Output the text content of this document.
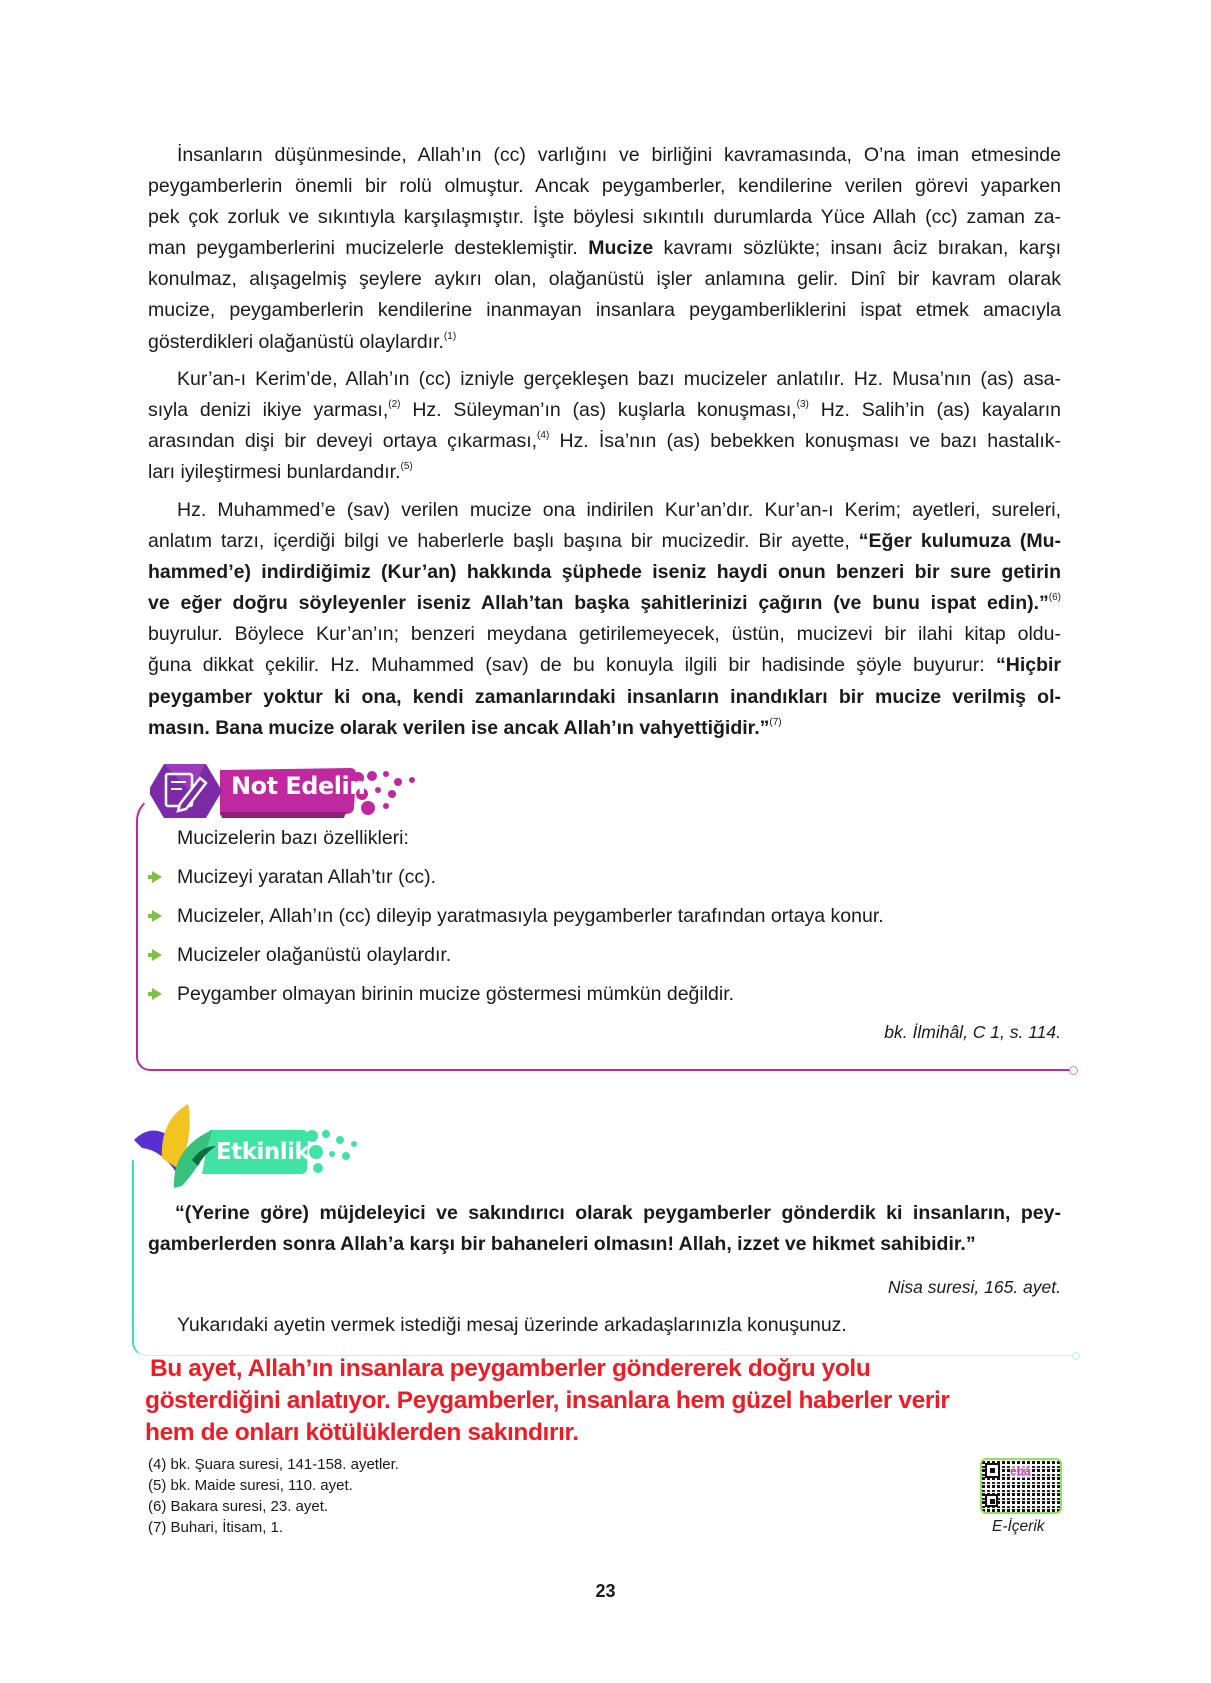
İnsanların düşünmesinde, Allah’ın (cc) varlığını ve birliğini kavramasında, O’na iman etmesinde
peygamberlerin önemli bir rolü olmuştur. Ancak peygamberler, kendilerine verilen görevi yaparken
pek çok zorluk ve sıkıntıyla karşılaşmıştır. İşte böylesi sıkıntılı durumlarda Yüce Allah (cc) zaman za-
man peygamberlerini mucizelerle desteklemiştir. Mucize kavramı sözlükte; insanı âciz bırakan, karşı
konulmaz, alışagelmiş şeylere aykırı olan, olağanüstü işler anlamına gelir. Dinî bir kavram olarak
mucize, peygamberlerin kendilerine inanmayan insanlara peygamberliklerini ispat etmek amacıyla
gösterdikleri olağanüstü olaylardır.$^{(1)}$
Kur’an-ı Kerim’de, Allah’ın (cc) izniyle gerçekleşen bazı mucizeler anlatılır. Hz. Musa’nın (as) asa-
sıyla denizi ikiye yarması,$^{(2)}$ Hz. Süleyman’ın (as) kuşlarla konuşması,$^{(3)}$ Hz. Salih’in (as) kayaların
arasından dişi bir deveyi ortaya çıkarması,$^{(4)}$ Hz. İsa’nın (as) bebekken konuşması ve bazı hastalık-
ları iyileştirmesi bunlardandır.$^{(5)}$
Hz. Muhammed’e (sav) verilen mucize ona indirilen Kur’an’dır. Kur’an-ı Kerim; ayetleri, sureleri,
anlatım tarzı, içerdiği bilgi ve haberlerle başlı başına bir mucizedir. Bir ayette, “Eğer kulumuza (Mu-
hammed’e) indirdiğimiz (Kur’an) hakkında şüphede iseniz haydi onun benzeri bir sure getirin
ve eğer doğru söyleyenler iseniz Allah’tan başka şahitlerinizi çağırın (ve bunu ispat edin).”$^{(6)}$
buyrulur. Böylece Kur’an’ın; benzeri meydana getirilemeyecek, üstün, mucizevi bir ilahi kitap oldu-
ğuna dikkat çekilir. Hz. Muhammed (sav) de bu konuyla ilgili bir hadisinde şöyle buyurur: “Hiçbir
peygamber yoktur ki ona, kendi zamanlarındaki insanların inandıkları bir mucize verilmiş ol-
masın. Bana mucize olarak verilen ise ancak Allah’ın vahyettiğidir.”$^{(7)}$
Not Edelim
Mucizelerin bazı özellikleri:
Mucizeyi yaratan Allah’tır (cc).
Mucizeler, Allah’ın (cc) dileyip yaratmasıyla peygamberler tarafından ortaya konur.
Mucizeler olağanüstü olaylardır.
Peygamber olmayan birinin mucize göstermesi mümkün değildir.
bk. İlmihâl, C 1, s. 114.
Etkinlik
“(Yerine göre) müjdeleyici ve sakındırıcı olarak peygamberler gönderdik ki insanların, pey-
gamberlerden sonra Allah’a karşı bir bahaneleri olmasın! Allah, izzet ve hikmet sahibidir.”
Nisa suresi, 165. ayet.
Yukarıdaki ayetin vermek istediği mesaj üzerinde arkadaşlarınızla konuşunuz.
Bu ayet, Allah’ın insanlara peygamberler göndererek doğru yolu
gösterdiğini anlatıyor. Peygamberler, insanlara hem güzel haberler verir
hem de onları kötülüklerden sakındırır.
(4) bk. Şuara suresi, 141-158. ayetler.
(5) bk. Maide suresi, 110. ayet.
(6) Bakara suresi, 23. ayet.
(7) Buhari, İtisam, 1.
ebá
E-İçerik
23
